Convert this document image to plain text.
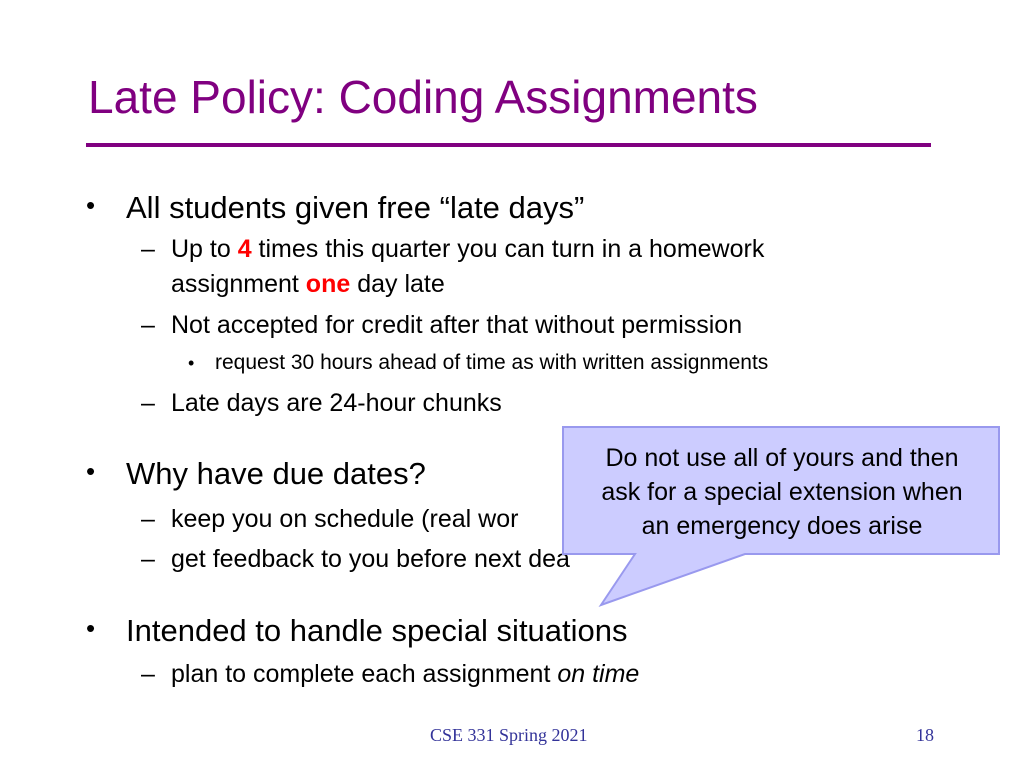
Late Policy: Coding Assignments
• All students given free “late days”
– Up to 4 times this quarter you can turn in a homework
assignment one day late
– Not accepted for credit after that without permission
• request 30 hours ahead of time as with written assignments
– Late days are 24-hour chunks
• Why have due dates?
– keep you on schedule (real wor
– get feedback to you before next dea
• Intended to handle special situations
– plan to complete each assignment on time
Do not use all of yours and then
ask for a special extension when
an emergency does arise
CSE 331 Spring 2021	18
